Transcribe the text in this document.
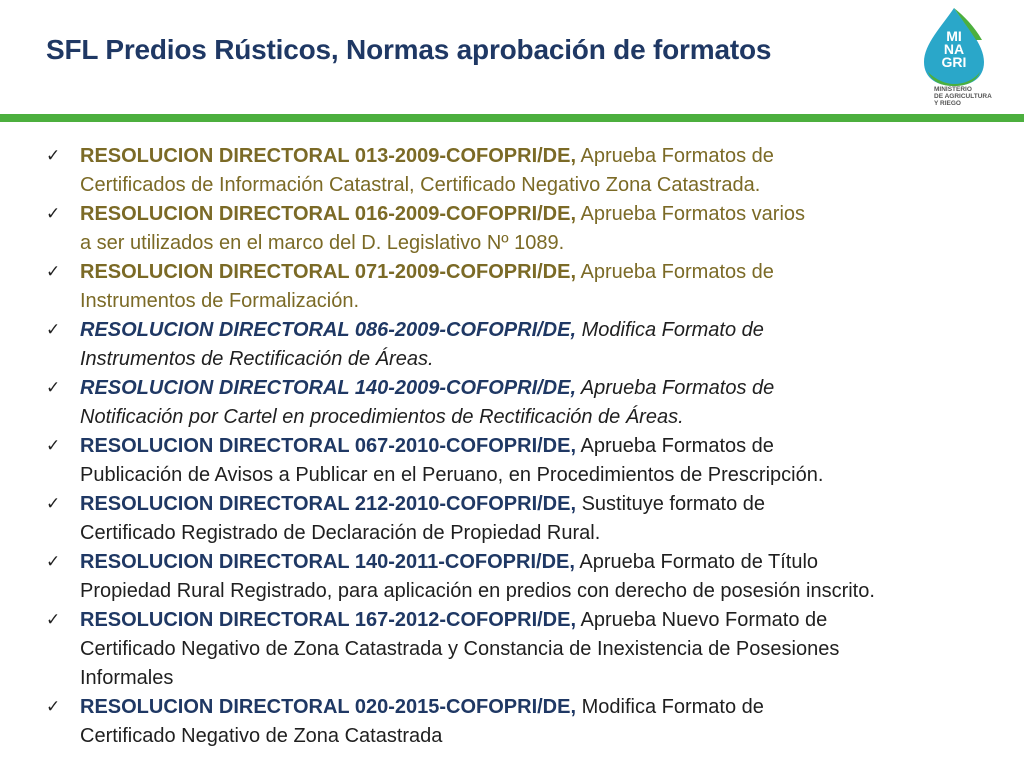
SFL Predios Rústicos, Normas aprobación de formatos	MI
NA
GRI
MINISTERIO
DE AGRICULTURA
Y RIEGO
✓ RESOLUCION DIRECTORAL 013-2009-COFOPRI/DE, Aprueba Formatos de
Certificados de Información Catastral, Certificado Negativo Zona Catastrada.
✓ RESOLUCION DIRECTORAL 016-2009-COFOPRI/DE, Aprueba Formatos varios
a ser utilizados en el marco del D. Legislativo Nº 1089.
✓ RESOLUCION DIRECTORAL 071-2009-COFOPRI/DE, Aprueba Formatos de
Instrumentos de Formalización.
✓ RESOLUCION DIRECTORAL 086-2009-COFOPRI/DE, Modifica Formato de
Instrumentos de Rectificación de Áreas.
✓ RESOLUCION DIRECTORAL 140-2009-COFOPRI/DE, Aprueba Formatos de
Notificación por Cartel en procedimientos de Rectificación de Áreas.
✓ RESOLUCION DIRECTORAL 067-2010-COFOPRI/DE, Aprueba Formatos de
Publicación de Avisos a Publicar en el Peruano, en Procedimientos de Prescripción.
✓ RESOLUCION DIRECTORAL 212-2010-COFOPRI/DE, Sustituye formato de
Certificado Registrado de Declaración de Propiedad Rural.
✓ RESOLUCION DIRECTORAL 140-2011-COFOPRI/DE, Aprueba Formato de Título
Propiedad Rural Registrado, para aplicación en predios con derecho de posesión inscrito.
✓ RESOLUCION DIRECTORAL 167-2012-COFOPRI/DE, Aprueba Nuevo Formato de
Certificado Negativo de Zona Catastrada y Constancia de Inexistencia de Posesiones
Informales
✓ RESOLUCION DIRECTORAL 020-2015-COFOPRI/DE, Modifica Formato de
Certificado Negativo de Zona Catastrada
